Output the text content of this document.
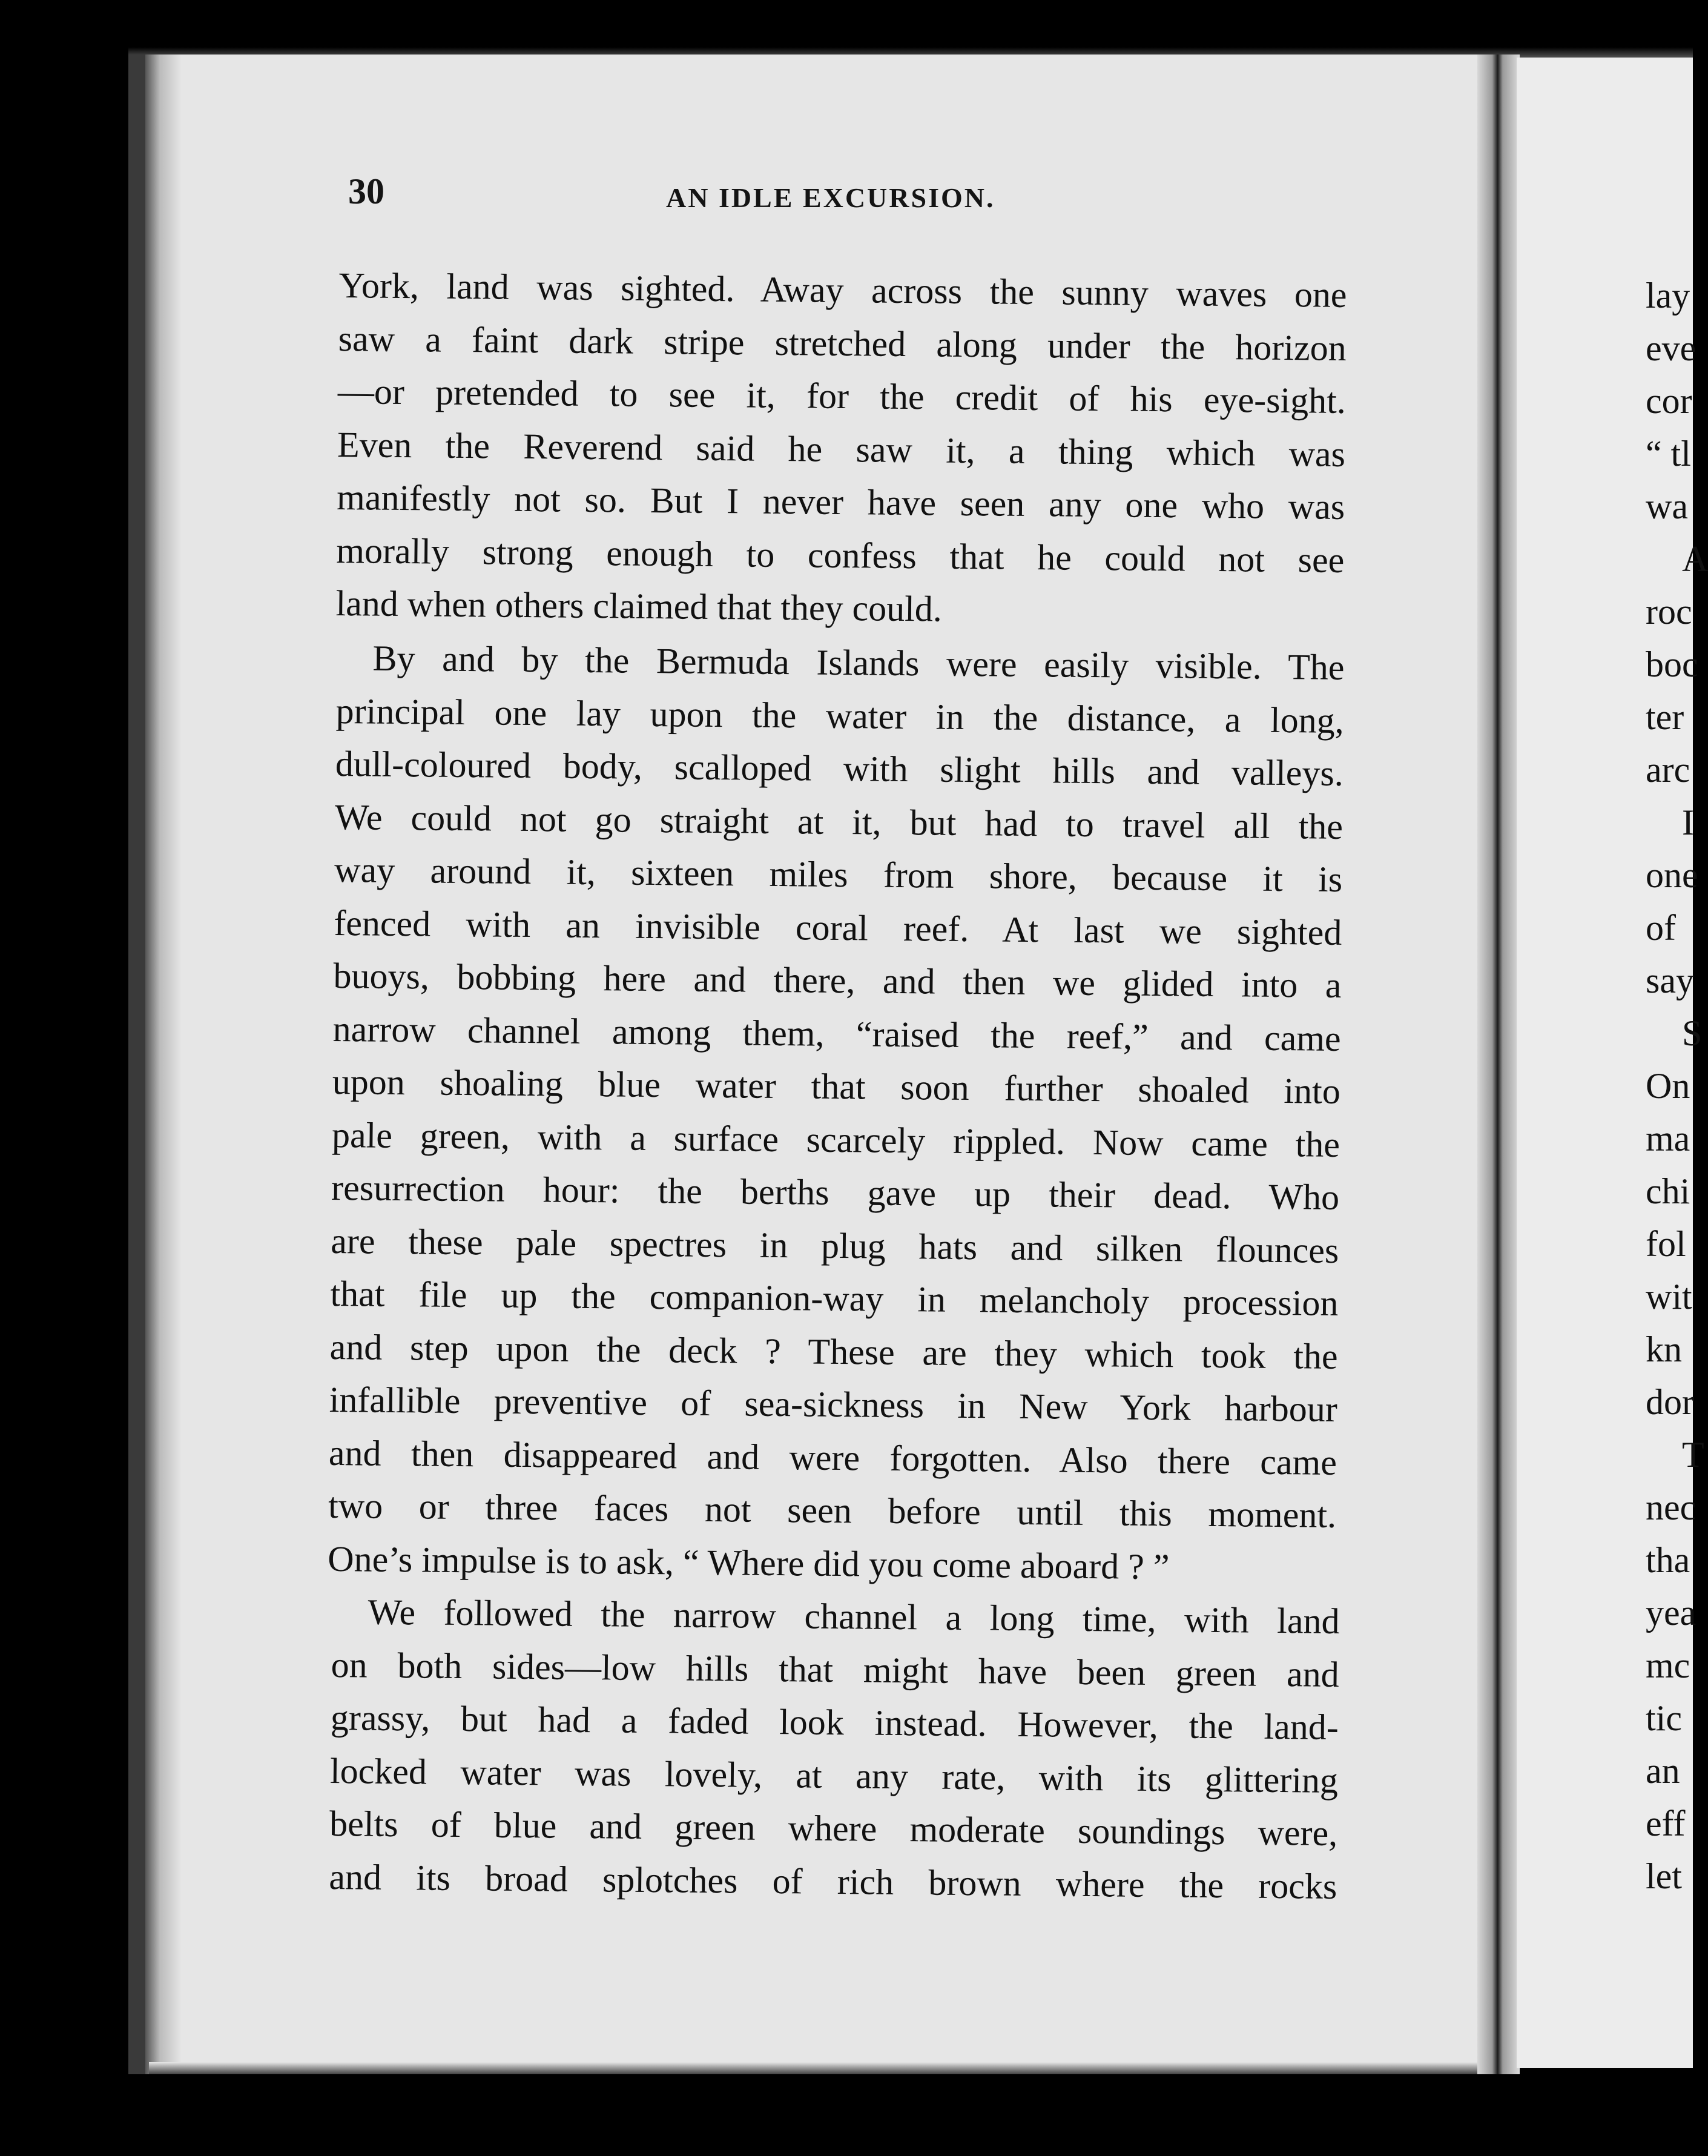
30	AN IDLE EXCURSION.
York, land was sighted. Away across the sunny waves one
saw a faint dark stripe stretched along under the horizon
—or pretended to see it, for the credit of his eye-sight.
Even the Reverend said he saw it, a thing which was
manifestly not so. But I never have seen any one who was
morally strong enough to confess that he could not see
land when others claimed that they could.
By and by the Bermuda Islands were easily visible. The
principal one lay upon the water in the distance, a long,
dull-coloured body, scalloped with slight hills and valleys.
We could not go straight at it, but had to travel all the
way around it, sixteen miles from shore, because it is
fenced with an invisible coral reef. At last we sighted
buoys, bobbing here and there, and then we glided into a
narrow channel among them, “raised the reef,” and came
upon shoaling blue water that soon further shoaled into
pale green, with a surface scarcely rippled. Now came the
resurrection hour: the berths gave up their dead. Who
are these pale spectres in plug hats and silken flounces
that file up the companion-way in melancholy procession
and step upon the deck ? These are they which took the
infallible preventive of sea-sickness in New York harbour
and then disappeared and were forgotten. Also there came
two or three faces not seen before until this moment.
One’s impulse is to ask, “ Where did you come aboard ? ”
We followed the narrow channel a long time, with land
on both sides—low hills that might have been green and
grassy, but had a faded look instead. However, the land-
locked water was lovely, at any rate, with its glittering
belts of blue and green where moderate soundings were,
and its broad splotches of rich brown where the rocks
lay
eve
cor
“ tl
wa
A
roc
boc
ter
arc
I
one
of
say
S
On
ma
chi
fol
wit
kn
dor
T
nec
tha
yea
mc
tic
an
eff
let
